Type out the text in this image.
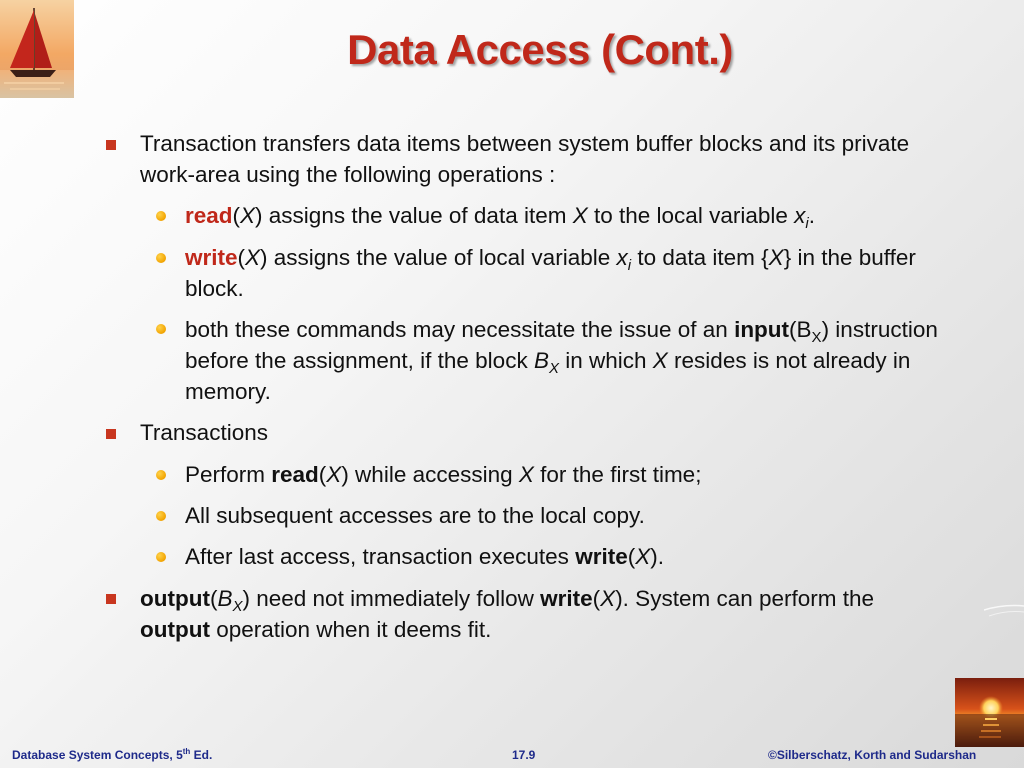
Data Access (Cont.)
Transaction transfers data items between system buffer blocks and its private work-area using the following operations :
read(X) assigns the value of data item X to the local variable $x_i$.
write(X) assigns the value of local variable $x_i$ to data item {X} in the buffer block.
both these commands may necessitate the issue of an $input(B_X)$ instruction before the assignment, if the block $B_X$ in which X resides is not already in memory.
Transactions
Perform read(X) while accessing X for the first time;
All subsequent accesses are to the local copy.
After last access, transaction executes write(X).
$output(B_X)$ need not immediately follow write(X). System can perform the output operation when it deems fit.
Database System Concepts, 5th Ed.	17.9	©Silberschatz, Korth and Sudarshan
